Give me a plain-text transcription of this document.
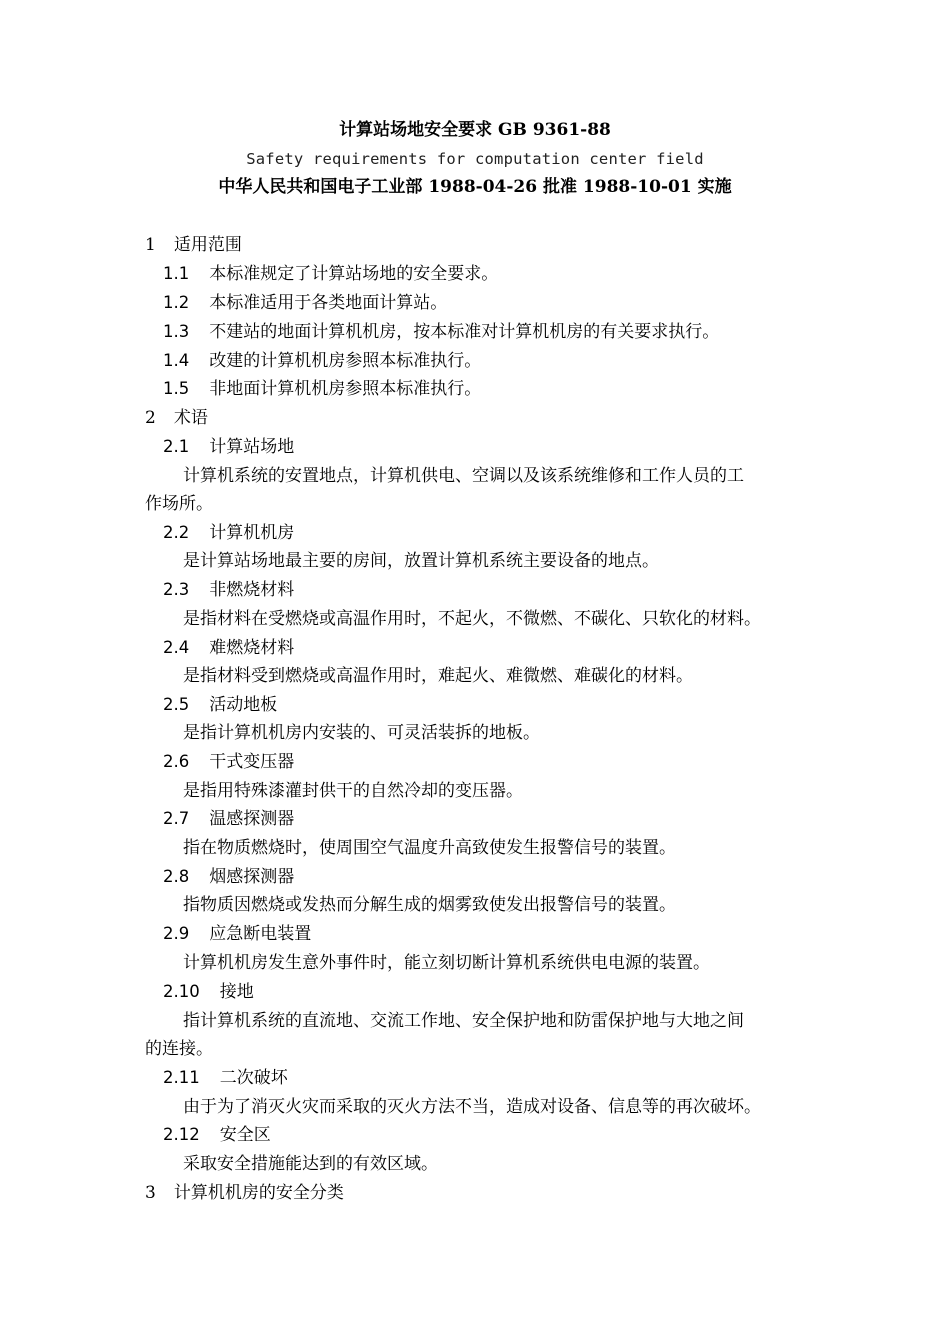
计算站场地安全要求 GB 9361-88
Safety requirements for computation center field
中华人民共和国电子工业部 1988-04-26 批准 1988-10-01 实施
1 适用范围
1.1 本标准规定了计算站场地的安全要求。
1.2 本标准适用于各类地面计算站。
1.3 不建站的地面计算机机房，按本标准对计算机机房的有关要求执行。
1.4 改建的计算机机房参照本标准执行。
1.5 非地面计算机机房参照本标准执行。
2 术语
2.1 计算站场地
计算机系统的安置地点，计算机供电、空调以及该系统维修和工作人员的工
作场所。
2.2 计算机机房
是计算站场地最主要的房间，放置计算机系统主要设备的地点。
2.3 非燃烧材料
是指材料在受燃烧或高温作用时，不起火，不微燃、不碳化、只软化的材料。
2.4 难燃烧材料
是指材料受到燃烧或高温作用时，难起火、难微燃、难碳化的材料。
2.5 活动地板
是指计算机机房内安装的、可灵活装拆的地板。
2.6 干式变压器
是指用特殊漆灌封供干的自然冷却的变压器。
2.7 温感探测器
指在物质燃烧时，使周围空气温度升高致使发生报警信号的装置。
2.8 烟感探测器
指物质因燃烧或发热而分解生成的烟雾致使发出报警信号的装置。
2.9 应急断电装置
计算机机房发生意外事件时，能立刻切断计算机系统供电电源的装置。
2.10 接地
指计算机系统的直流地、交流工作地、安全保护地和防雷保护地与大地之间
的连接。
2.11 二次破坏
由于为了消灭火灾而采取的灭火方法不当，造成对设备、信息等的再次破坏。
2.12 安全区
采取安全措施能达到的有效区域。
3 计算机机房的安全分类
